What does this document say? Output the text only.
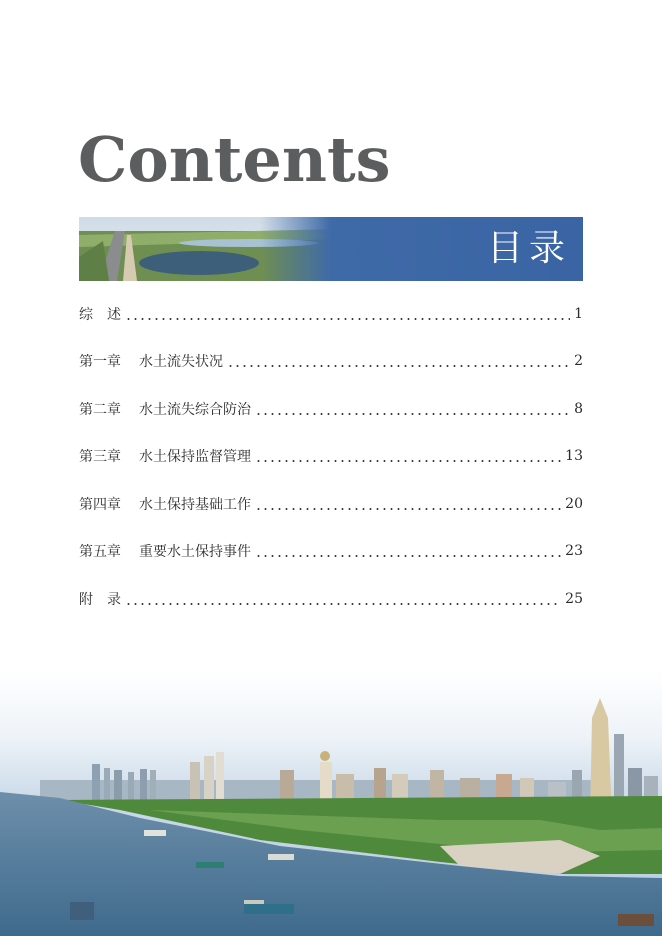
Contents
目录
综　述	1
第一章 水土流失状况	2
第二章 水土流失综合防治	8
第三章 水土保持监督管理	13
第四章 水土保持基础工作	20
第五章 重要水土保持事件	23
附　录	25
